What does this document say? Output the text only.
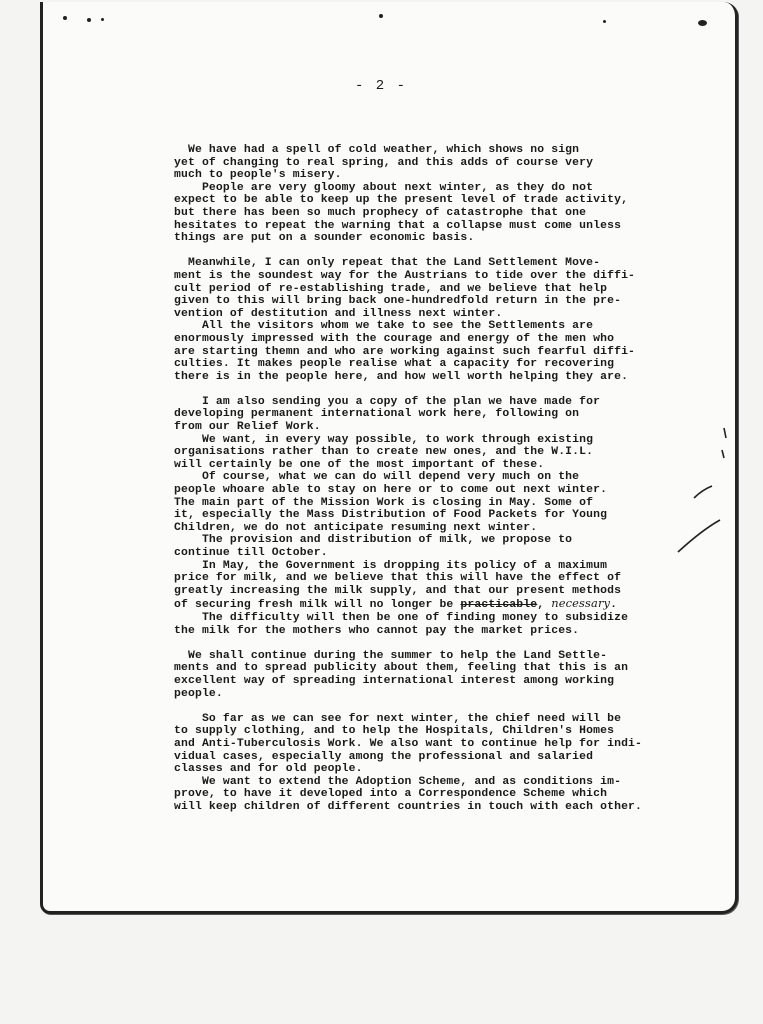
- 2 -
We have had a spell of cold weather, which shows no sign
yet of changing to real spring, and this adds of course very
much to people's misery.
People are very gloomy about next winter, as they do not
expect to be able to keep up the present level of trade activity,
but there has been so much prophecy of catastrophe that one
hesitates to repeat the warning that a collapse must come unless
things are put on a sounder economic basis.
Meanwhile, I can only repeat that the Land Settlement Move-
ment is the soundest way for the Austrians to tide over the diffi-
cult period of re-establishing trade, and we believe that help
given to this will bring back one-hundredfold return in the pre-
vention of destitution and illness next winter.
All the visitors whom we take to see the Settlements are
enormously impressed with the courage and energy of the men who
are starting themn and who are working against such fearful diffi-
culties. It makes people realise what a capacity for recovering
there is in the people here, and how well worth helping they are.
I am also sending you a copy of the plan we have made for
developing permanent international work here, following on
from our Relief Work.
We want, in every way possible, to work through existing
organisations rather than to create new ones, and the W.I.L.
will certainly be one of the most important of these.
Of course, what we can do will depend very much on the
people whoare able to stay on here or to come out next winter.
The main part of the Mission Work is closing in May. Some of
it, especially the Mass Distribution of Food Packets for Young
Children, we do not anticipate resuming next winter.
The provision and distribution of milk, we propose to
continue till October.
In May, the Government is dropping its policy of a maximum
price for milk, and we believe that this will have the effect of
greatly increasing the milk supply, and that our present methods
of securing fresh milk will no longer be practicable, necessary.
The difficulty will then be one of finding money to subsidize
the milk for the mothers who cannot pay the market prices.
We shall continue during the summer to help the Land Settle-
ments and to spread publicity about them, feeling that this is an
excellent way of spreading international interest among working
people.
So far as we can see for next winter, the chief need will be
to supply clothing, and to help the Hospitals, Children's Homes
and Anti-Tuberculosis Work. We also want to continue help for indi-
vidual cases, especially among the professional and salaried
classes and for old people.
We want to extend the Adoption Scheme, and as conditions im-
prove, to have it developed into a Correspondence Scheme which
will keep children of different countries in touch with each other.
